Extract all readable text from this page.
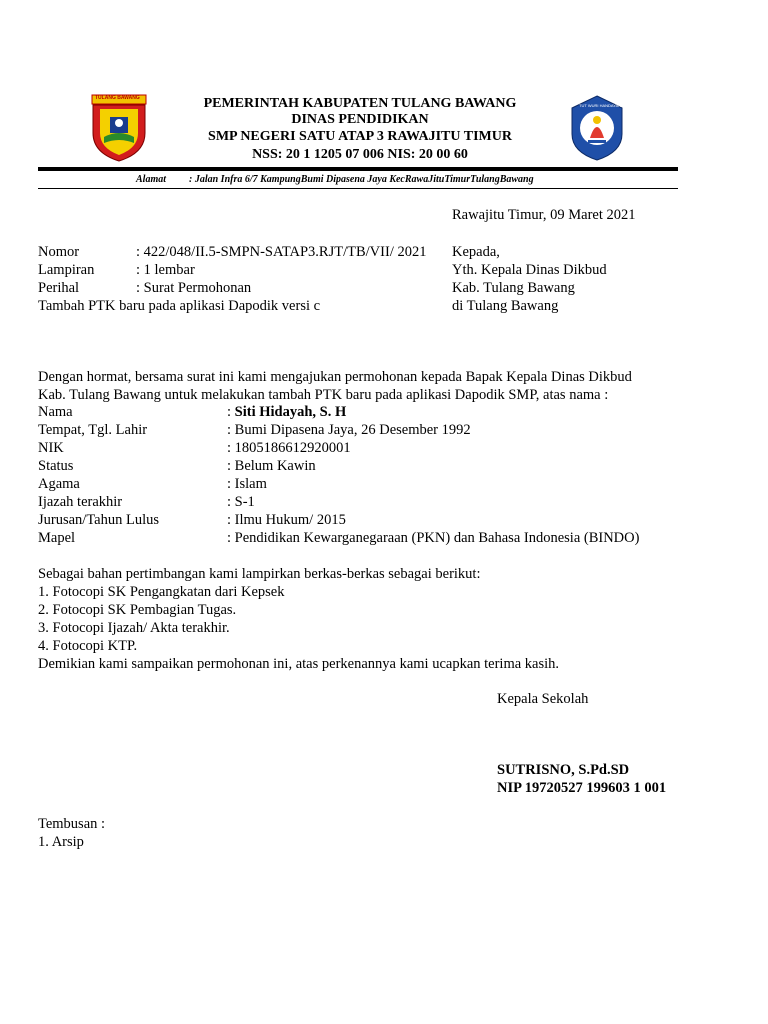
TULANG BAWANG
TUT WURI HANDAYANI
PEMERINTAH KABUPATEN TULANG BAWANG
DINAS PENDIDIKAN
SMP NEGERI SATU ATAP 3 RAWAJITU TIMUR
NSS: 20 1 1205 07 006 NIS: 20 00 60
Alamat : Jalan Infra 6/7 KampungBumi Dipasena Jaya KecRawaJituTimurTulangBawang
Rawajitu Timur, 09 Maret 2021
Nomor	: 422/048/II.5-SMPN-SATAP3.RJT/TB/VII/ 2021
Lampiran	: 1 lembar
Perihal	: Surat Permohonan
Tambah PTK baru pada aplikasi Dapodik versi c
Kepada,
Yth. Kepala Dinas Dikbud
Kab. Tulang Bawang
di Tulang Bawang
Dengan hormat, bersama surat ini kami mengajukan permohonan kepada Bapak Kepala Dinas Dikbud
Kab. Tulang Bawang untuk melakukan tambah PTK baru pada aplikasi Dapodik SMP, atas nama :
Nama	: Siti Hidayah, S. H
Tempat, Tgl. Lahir	: Bumi Dipasena Jaya, 26 Desember 1992
NIK	: 1805186612920001
Status	: Belum Kawin
Agama	: Islam
Ijazah terakhir	: S-1
Jurusan/Tahun Lulus	: Ilmu Hukum/ 2015
Mapel	: Pendidikan Kewarganegaraan (PKN) dan Bahasa Indonesia (BINDO)
Sebagai bahan pertimbangan kami lampirkan berkas-berkas sebagai berikut:
1. Fotocopi SK Pengangkatan dari Kepsek
2. Fotocopi SK Pembagian Tugas.
3. Fotocopi Ijazah/ Akta terakhir.
4. Fotocopi KTP.
Demikian kami sampaikan permohonan ini, atas perkenannya kami ucapkan terima kasih.
Kepala Sekolah
SUTRISNO, S.Pd.SD
NIP 19720527 199603 1 001
Tembusan :
1. Arsip
